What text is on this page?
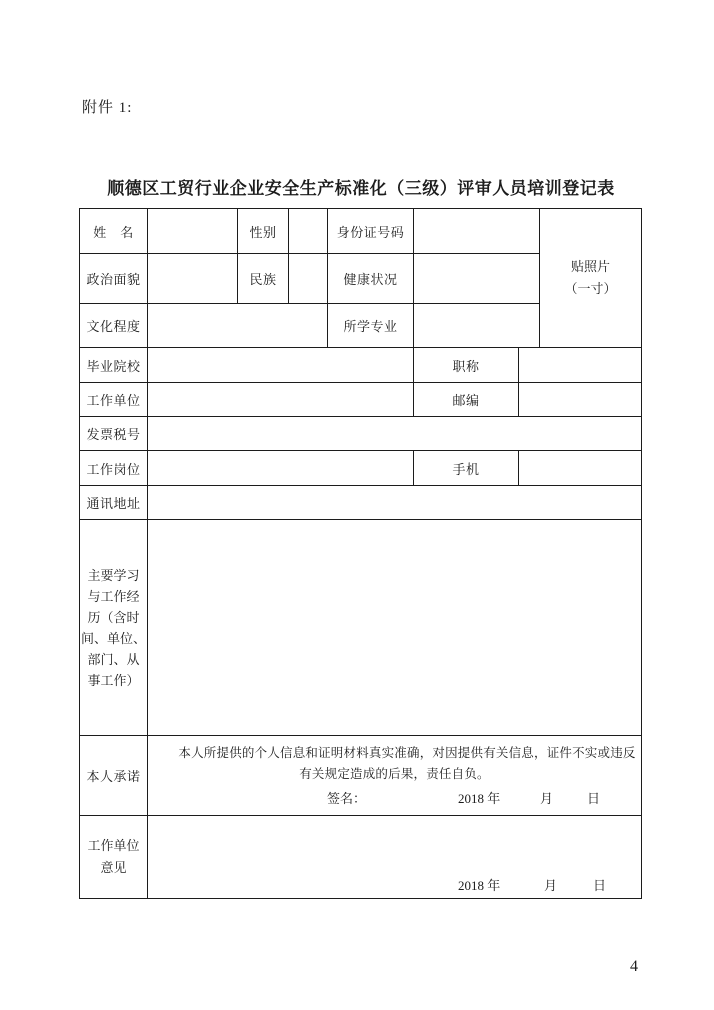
附件 1:
顺德区工贸行业企业安全生产标准化（三级）评审人员培训登记表
姓　名		性别		身份证号码			贴照片
（一寸）
政治面貌		民族		健康状况			
文化程度				所学专业			
毕业院校					职称		
工作单位					邮编		
发票税号							
工作岗位					手机		
通讯地址							
主要学习
与工作经
历（含时
间、单位、
部门、从
事工作）	
本人承诺	本人所提供的个人信息和证明材料真实准确，对因提供有关信息，证件不实或违反有关规定造成的后果，责任自负。
签名： 2018 年 月 日						

工作单位
意见	2018 年 月 日						
4
